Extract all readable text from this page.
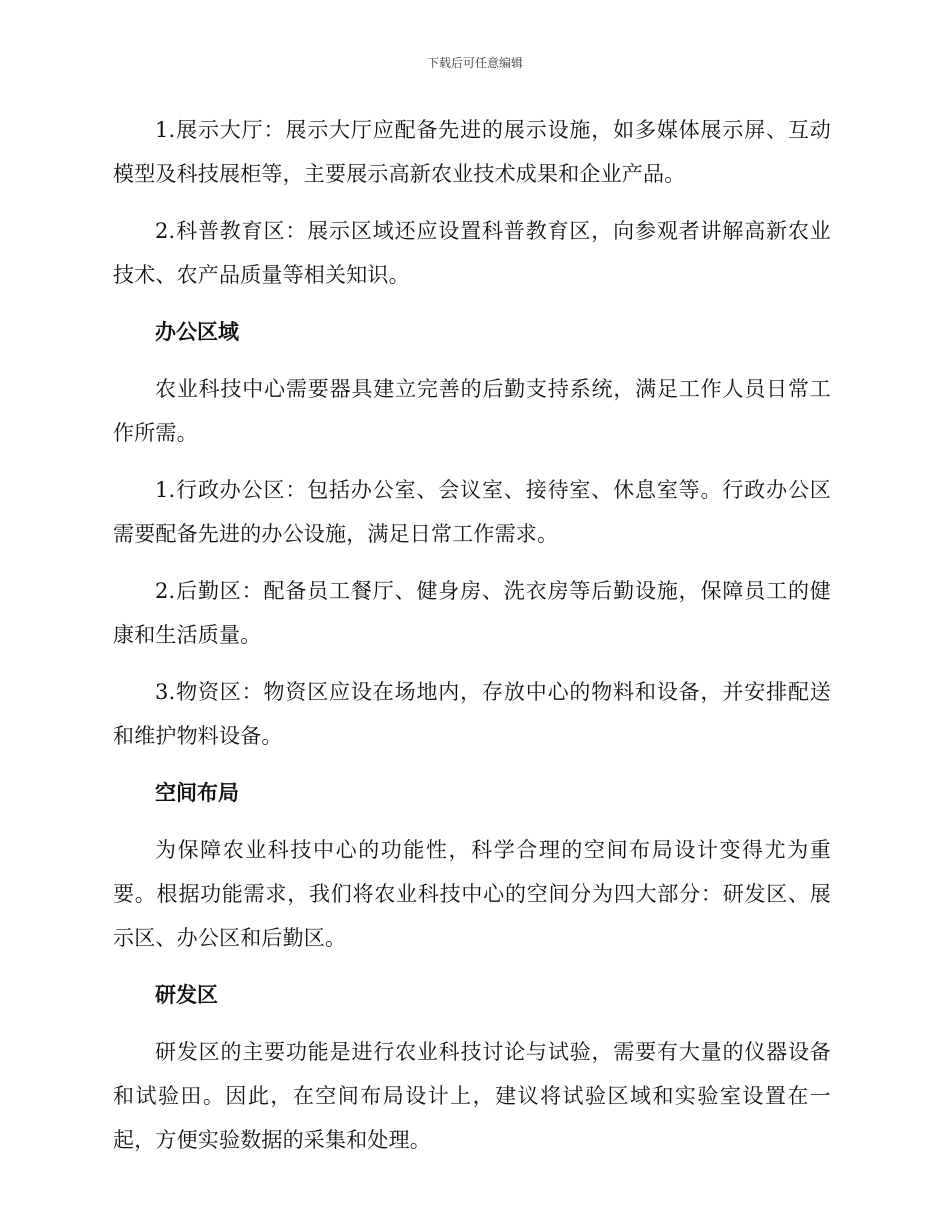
下载后可任意编辑

1.展示大厅：展示大厅应配备先进的展示设施，如多媒体展示屏、互动模型及科技展柜等，主要展示高新农业技术成果和企业产品。

2.科普教育区：展示区域还应设置科普教育区，向参观者讲解高新农业技术、农产品质量等相关知识。

办公区域

农业科技中心需要器具建立完善的后勤支持系统，满足工作人员日常工作所需。

1.行政办公区：包括办公室、会议室、接待室、休息室等。行政办公区需要配备先进的办公设施，满足日常工作需求。

2.后勤区：配备员工餐厅、健身房、洗衣房等后勤设施，保障员工的健康和生活质量。

3.物资区：物资区应设在场地内，存放中心的物料和设备，并安排配送和维护物料设备。

空间布局

为保障农业科技中心的功能性，科学合理的空间布局设计变得尤为重要。根据功能需求，我们将农业科技中心的空间分为四大部分：研发区、展示区、办公区和后勤区。

研发区

研发区的主要功能是进行农业科技讨论与试验，需要有大量的仪器设备和试验田。因此，在空间布局设计上，建议将试验区域和实验室设置在一起，方便实验数据的采集和处理。
